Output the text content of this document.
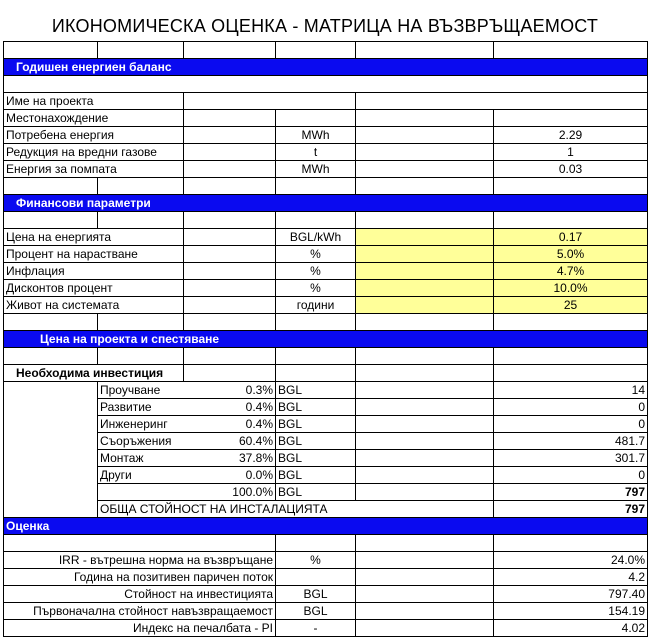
ИКОНОМИЧЕСКА ОЦЕНКА - МАТРИЦА НА ВЪЗВРЪЩАЕМОСТ

Годишен енергиен баланс					

Име на проекта					
Местонахождение					
Потребена енергия			MWh		2.29
Редукция на вредни газове			t		1
Енергия за помпата			MWh		0.03

Финансови параметри					

Цена на енергията			BGL/kWh		0.17
Процент на нарастване			%		5.0%
Инфлация			%		4.7%
Дисконтов процент			%		10.0%
Живот на системата			години		25

Цена на проекта и спестяване					

Необходима инвестиция					
	Проучване	0.3%	BGL		14
	Развитие	0.4%	BGL		0
	Инженеринг	0.4%	BGL		0
	Съоръжения	60.4%	BGL		481.7
	Монтаж	37.8%	BGL		301.7
	Други	0.0%	BGL		0
		100.0%	BGL		797
	ОБЩА СТОЙНОСТ НА ИНСТАЛАЦИЯТА				797
Оценка					

IRR - вътрешна норма на възвръщане			%		24.0%
Година на позитивен паричен поток					4.2
Стойност на инвестицията			BGL		797.40
Първоначална стойност навъзвращаемост			BGL		154.19
Индекс на печалбата - PI			-		4.02
